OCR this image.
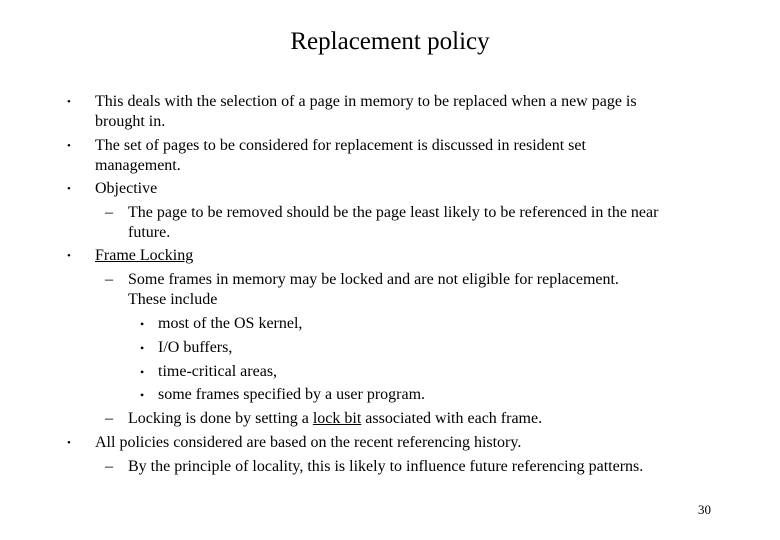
Replacement policy
• This deals with the selection of a page in memory to be replaced when a new page is
brought in.
• The set of pages to be considered for replacement is discussed in resident set
management.
• Objective
– The page to be removed should be the page least likely to be referenced in the near
future.
• Frame Locking
– Some frames in memory may be locked and are not eligible for replacement.
These include
• most of the OS kernel,
• I/O buffers,
• time-critical areas,
• some frames specified by a user program.
– Locking is done by setting a lock bit associated with each frame.
• All policies considered are based on the recent referencing history.
– By the principle of locality, this is likely to influence future referencing patterns.
30
